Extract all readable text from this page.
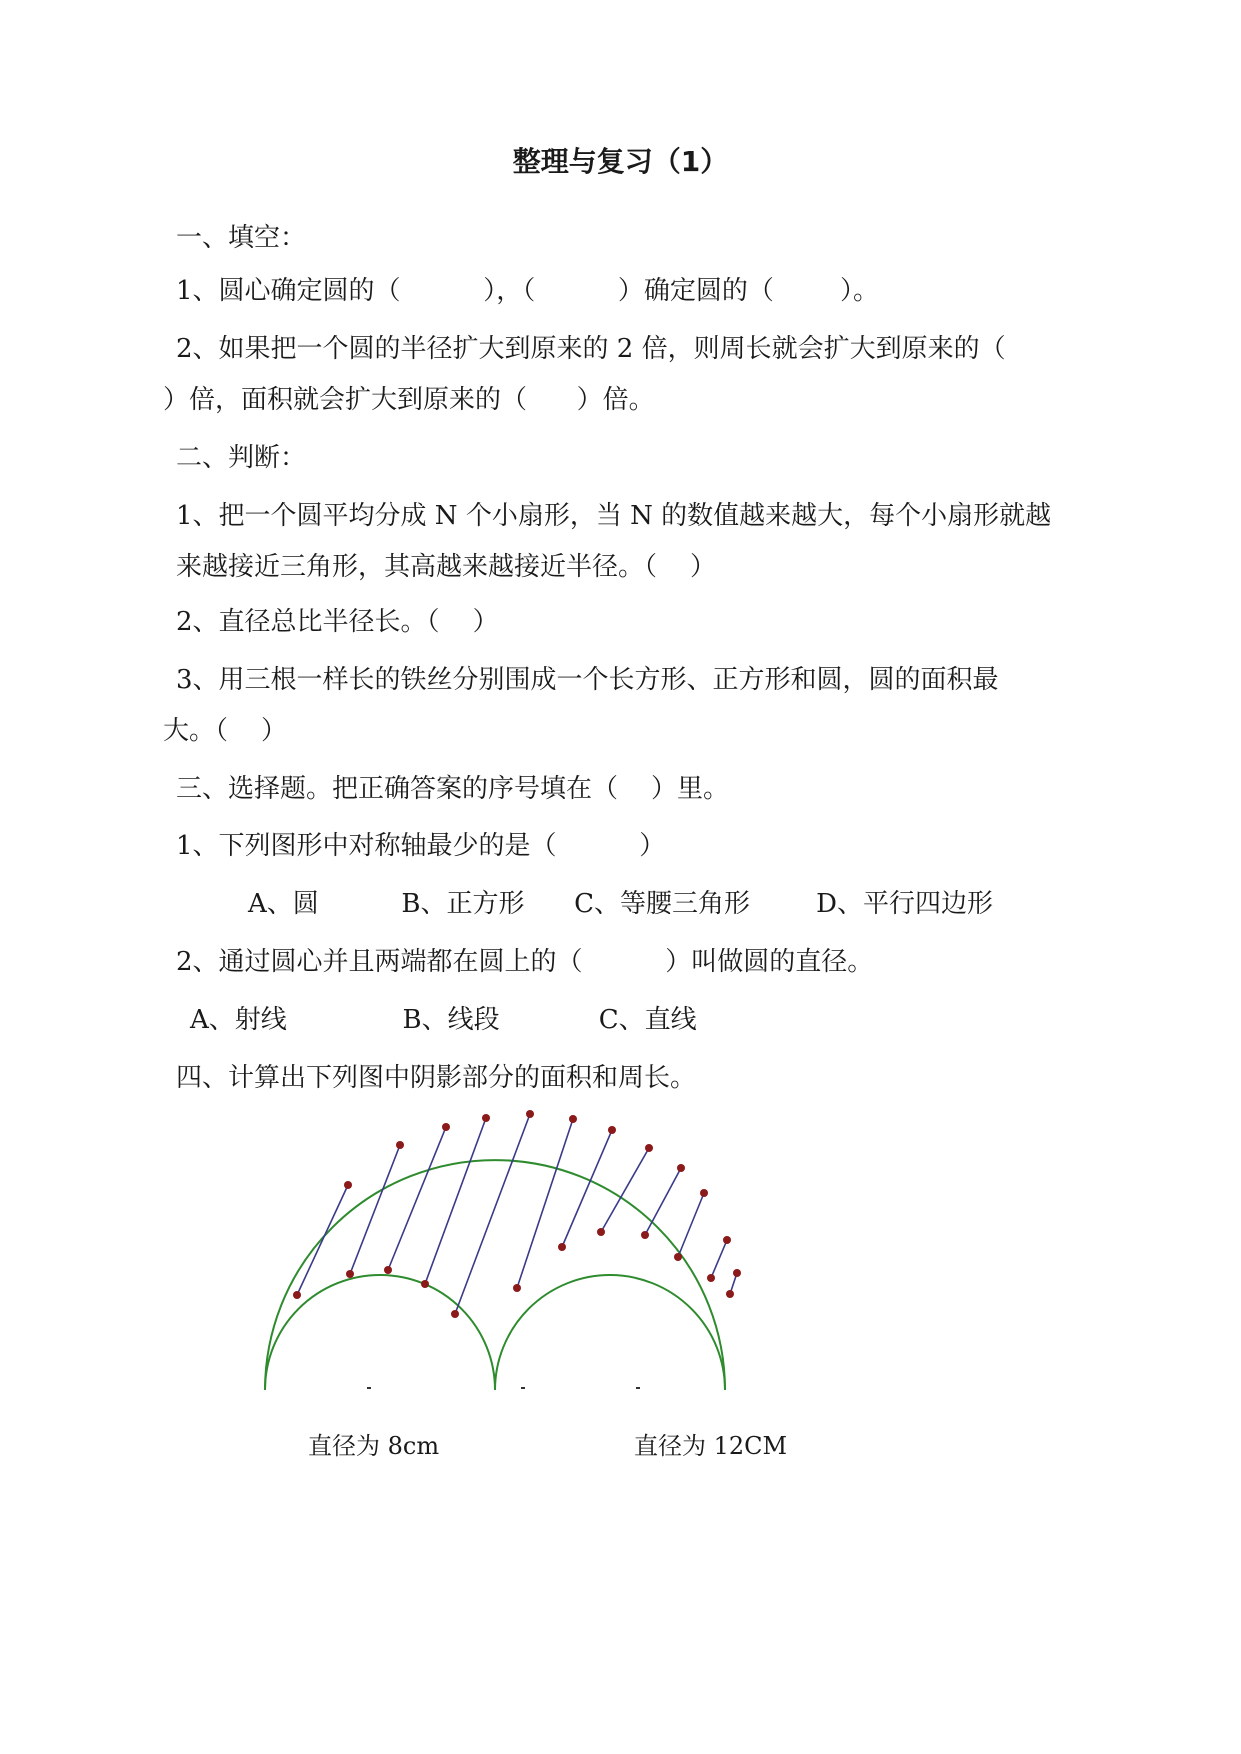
整理与复习（1）
一、填空：
1、圆心确定圆的（          ），（          ）确定圆的（        ）。
2、如果把一个圆的半径扩大到原来的 2 倍，则周长就会扩大到原来的（
）倍，面积就会扩大到原来的（      ）倍。
二、判断：
1、把一个圆平均分成 N 个小扇形，当 N 的数值越来越大，每个小扇形就越
来越接近三角形，其高越来越接近半径。（    ）
2、直径总比半径长。（    ）
3、用三根一样长的铁丝分别围成一个长方形、正方形和圆，圆的面积最
大。（    ）
三、选择题。把正确答案的序号填在（    ）里。
1、下列图形中对称轴最少的是（          ）
A、圆          B、正方形      C、等腰三角形        D、平行四边形
2、通过圆心并且两端都在圆上的（          ）叫做圆的直径。
A、射线              B、线段            C、直线
四、计算出下列图中阴影部分的面积和周长。
直径为 8cm	直径为 12CM
